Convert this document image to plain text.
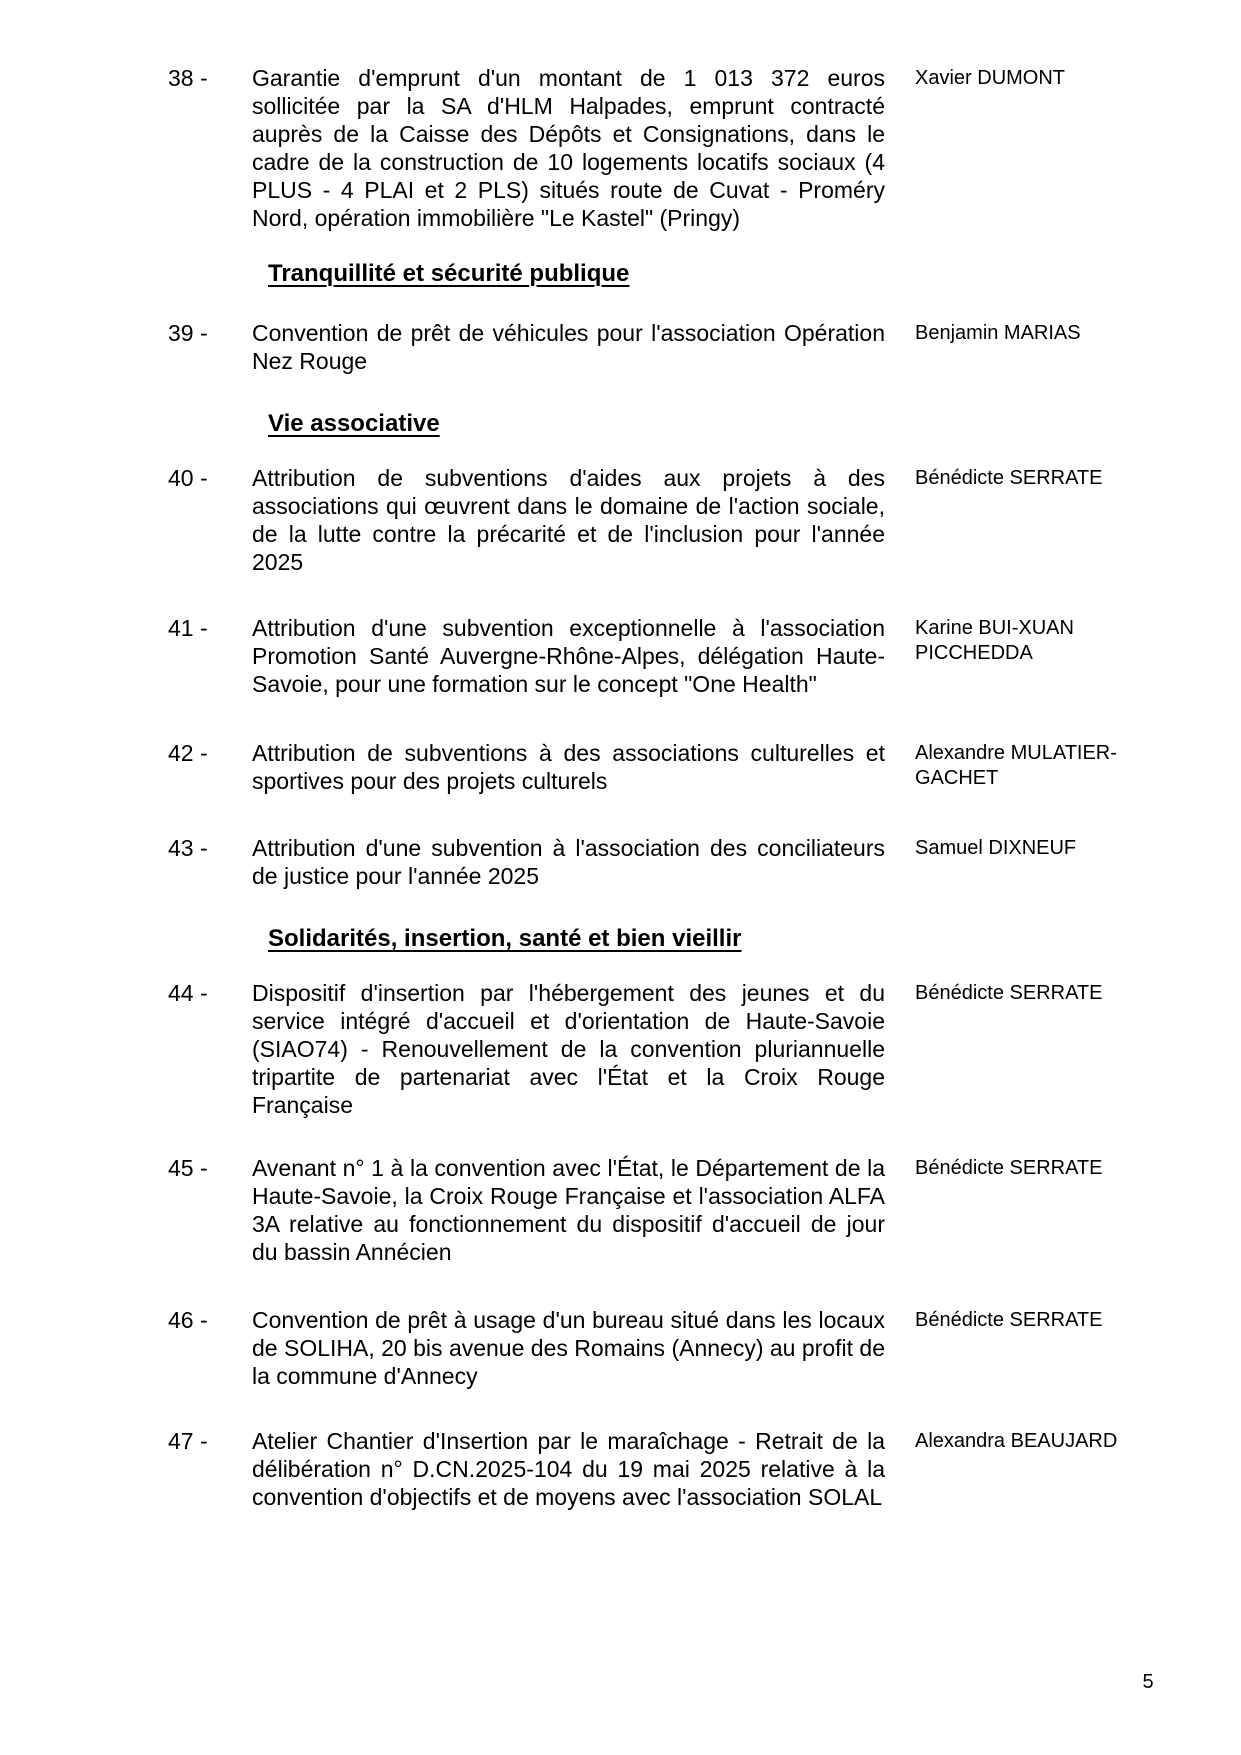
38 -	Garantie d'emprunt d'un montant de 1 013 372 euros sollicitée par la SA d'HLM Halpades, emprunt contracté auprès de la Caisse des Dépôts et Consignations, dans le cadre de la construction de 10 logements locatifs sociaux (4 PLUS - 4 PLAI et 2 PLS) situés route de Cuvat - Proméry Nord, opération immobilière "Le Kastel" (Pringy)
Xavier DUMONT
Tranquillité et sécurité publique
39 -	Convention de prêt de véhicules pour l'association Opération Nez Rouge
Benjamin MARIAS
Vie associative
40 -	Attribution de subventions d'aides aux projets à des associations qui œuvrent dans le domaine de l'action sociale, de la lutte contre la précarité et de l'inclusion pour l'année 2025
Bénédicte SERRATE
41 -	Attribution d'une subvention exceptionnelle à l'association Promotion Santé Auvergne-Rhône-Alpes, délégation Haute-Savoie, pour une formation sur le concept "One Health"
Karine BUI-XUAN PICCHEDDA
42 -	Attribution de subventions à des associations culturelles et sportives pour des projets culturels
Alexandre MULATIER-GACHET
43 -	Attribution d'une subvention à l'association des conciliateurs de justice pour l'année 2025
Samuel DIXNEUF
Solidarités, insertion, santé et bien vieillir
44 -	Dispositif d'insertion par l'hébergement des jeunes et du service intégré d'accueil et d'orientation de Haute-Savoie (SIAO74) - Renouvellement de la convention pluriannuelle tripartite de partenariat avec l'État et la Croix Rouge Française
Bénédicte SERRATE
45 -	Avenant n° 1 à la convention avec l'État, le Département de la Haute-Savoie, la Croix Rouge Française et l'association ALFA 3A relative au fonctionnement du dispositif d'accueil de jour du bassin Annécien
Bénédicte SERRATE
46 -	Convention de prêt à usage d'un bureau situé dans les locaux de SOLIHA, 20 bis avenue des Romains (Annecy) au profit de la commune d'Annecy
Bénédicte SERRATE
47 -	Atelier Chantier d'Insertion par le maraîchage - Retrait de la délibération n° D.CN.2025-104 du 19 mai 2025 relative à la convention d'objectifs et de moyens avec l'association SOLAL
Alexandra BEAUJARD
5
